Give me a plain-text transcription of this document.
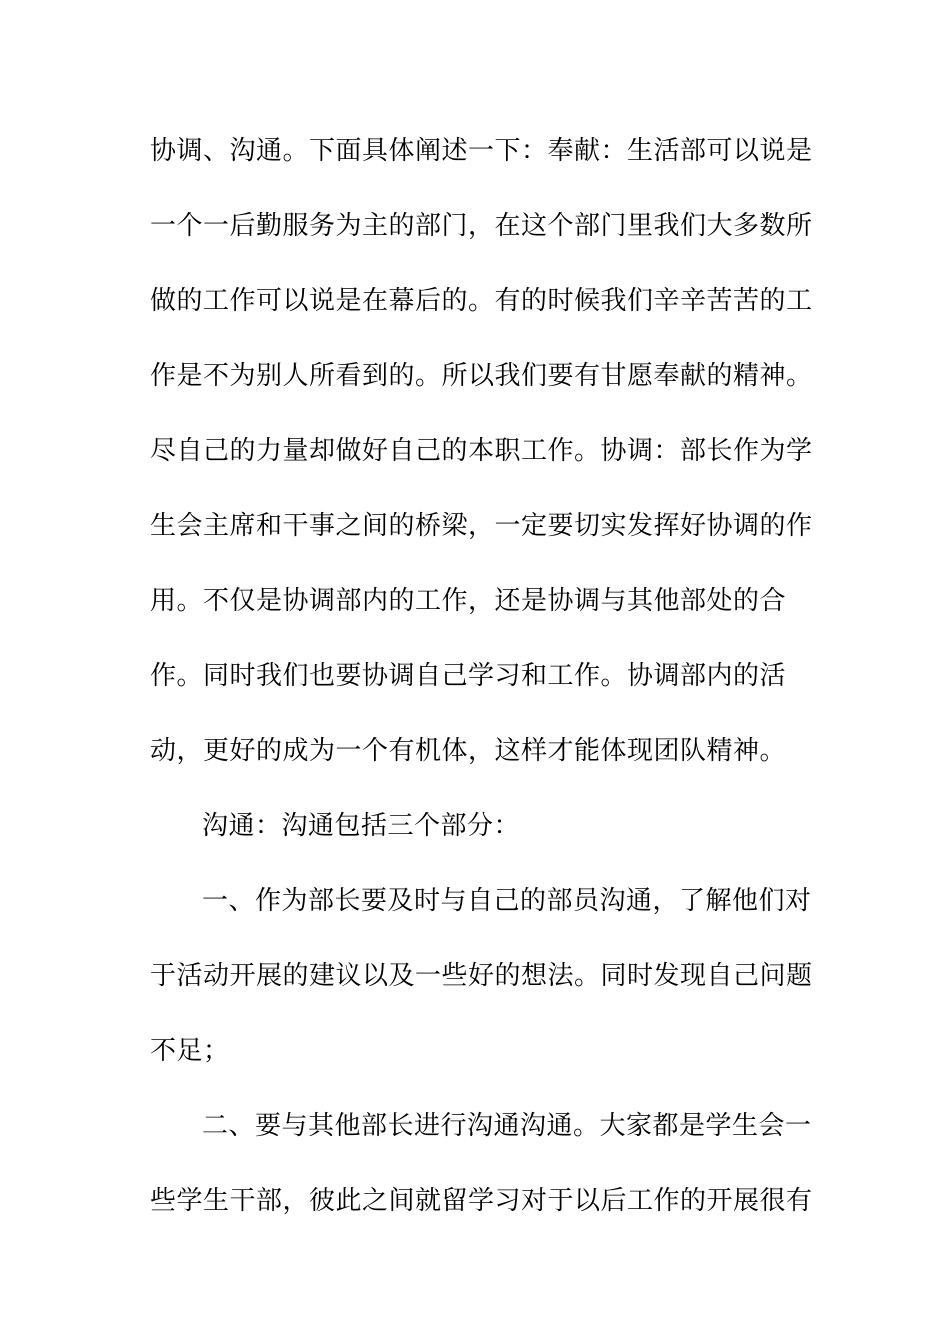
协调、沟通。下面具体阐述一下：奉献：生活部可以说是
一个一后勤服务为主的部门，在这个部门里我们大多数所
做的工作可以说是在幕后的。有的时候我们辛辛苦苦的工
作是不为别人所看到的。所以我们要有甘愿奉献的精神。
尽自己的力量却做好自己的本职工作。协调：部长作为学
生会主席和干事之间的桥梁，一定要切实发挥好协调的作
用。不仅是协调部内的工作，还是协调与其他部处的合
作。同时我们也要协调自己学习和工作。协调部内的活
动，更好的成为一个有机体，这样才能体现团队精神。
沟通：沟通包括三个部分：
一、作为部长要及时与自己的部员沟通，了解他们对
于活动开展的建议以及一些好的想法。同时发现自己问题
不足；
二、要与其他部长进行沟通沟通。大家都是学生会一
些学生干部，彼此之间就留学习对于以后工作的开展很有
